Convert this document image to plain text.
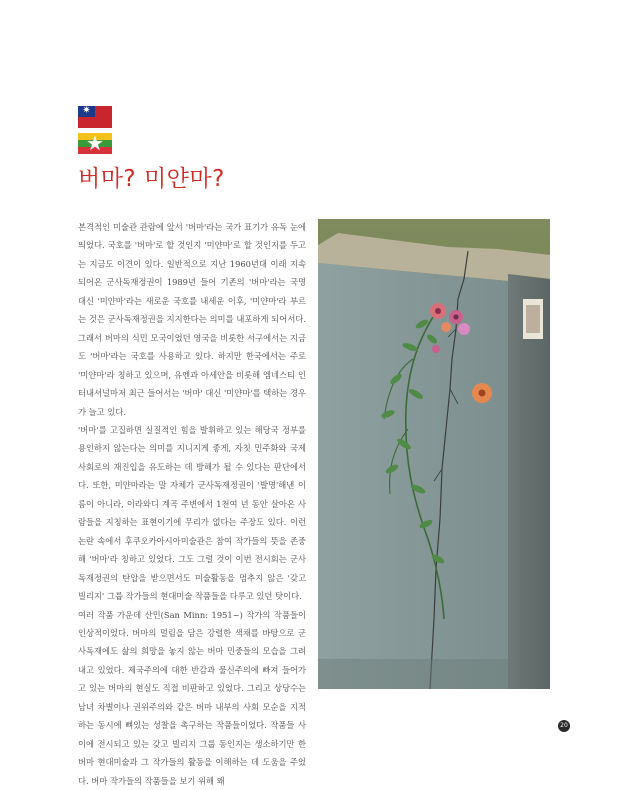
✷
★
버마? 미얀마?

본격적인 미술관 관람에 앞서 '버마'라는 국가 표기가 유독 눈에 띄었다. 국호를 '버마'로 할 것인지 '미얀마'로 할 것인지를 두고는 지금도 이견이 있다. 일반적으로 지난 1960년대 이래 지속되어온 군사독재정권이 1989년 들어 기존의 '버마'라는 국명 대신 '미얀마'라는 새로운 국호를 내세운 이후, '미얀마'라 부르는 것은 군사독재정권을 지지한다는 의미를 내포하게 되어서다. 그래서 버마의 식민 모국이었던 영국을 비롯한 서구에서는 지금도 '버마'라는 국호를 사용하고 있다. 하지만 한국에서는 주로 '미얀마'라 칭하고 있으며, 유엔과 아세안을 비롯해 엠네스티 인터내셔널마저 최근 들어서는 '버마' 대신 '미얀마'를 택하는 경우가 늘고 있다.

'버마'를 고집하면 실질적인 힘을 발휘하고 있는 해당국 정부를 용인하지 않는다는 의미를 지니지게 좋게, 자칫 민주화와 국제사회로의 재진입을 유도하는 데 방해가 될 수 있다는 판단에서다. 또한, 미얀마라는 말 자체가 군사독재정권이 '발명'해낸 이름이 아니라, 이라와디 계곡 주변에서 1천여 년 동안 살아온 사람들을 지칭하는 표현이기에 무리가 없다는 주장도 있다. 이런 논란 속에서 후쿠오카아시아미술관은 참여 작가들의 뜻을 존중해 '버마'라 칭하고 있었다. 그도 그럴 것이 이번 전시회는 군사독재정권의 탄압을 받으면서도 미술활동을 멈추지 않은 '갖고 빌리지' 그룹 작가들의 현대미술 작품들을 다루고 있던 탓이다.

여러 작품 가운데 산민(San Minn: 1951~) 작가의 작품들이 인상적이었다. 버마의 멀림을 담은 강렬한 색채를 바탕으로 군사독재에도 삶의 희망을 놓지 않는 버마 민중들의 모습을 그려내고 있었다. 제국주의에 대한 반감과 물신주의에 빠져 들어가고 있는 버마의 현실도 직접 비판하고 있었다. 그리고 상당수는 남녀 차별이나 권위주의와 같은 버마 내부의 사회 모순을 지적하는 동시에 뼈있는 성찰을 촉구하는 작품들이었다. 작품들 사이에 전시되고 있는 갖고 빌리지 그룹 동인지는 생소하기만 한 버마 현대미술과 그 작가들의 활동을 이해하는 데 도움을 주었다. 버마 작가들의 작품들을 보기 위해 왜

20
